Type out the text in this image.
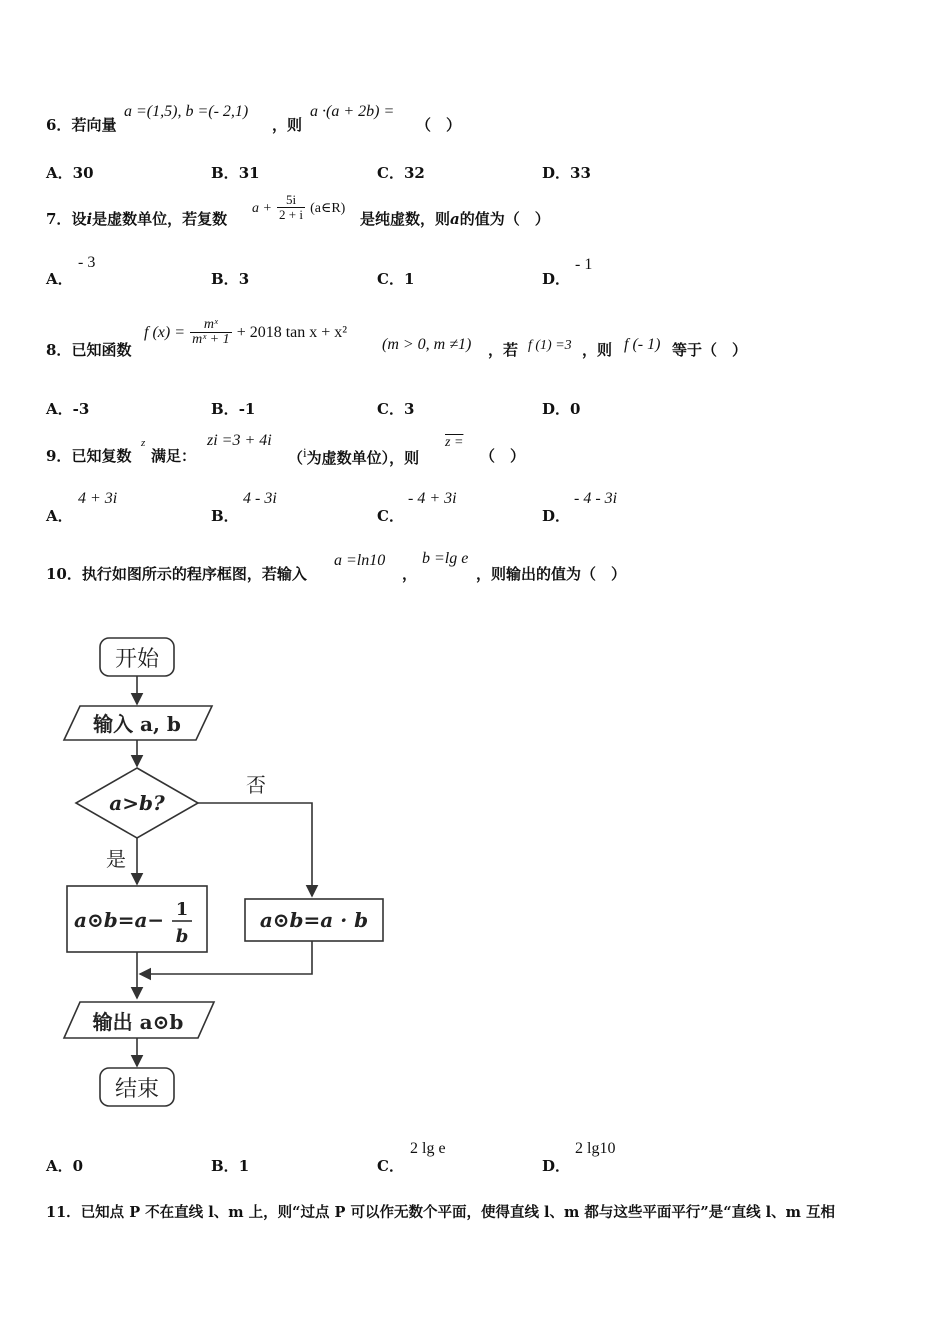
6．若向量
a =(1,5), b =(- 2,1)
，则
a ·(a + 2b) =
（　）
A．30	B．31	C．32	D．33
7．设i是虚数单位，若复数
$a + \frac{5i}{2 + i}$ (a∈R)
是纯虚数，则a的值为（　）
A．
- 3
B．3	C．1	D．
- 1
8．已知函数
f $(x) = \frac{\text{mˣ}}{\text{mˣ + 1}} + 2018$ tan x + x²
(m > 0, m ≠1) ，若 f (1) =3 ，则 f (- 1) 等于（　）
A．-3	B．-1	C．3	D．0
9．已知复数
z
满足：
zi =3 + 4i
（i为虚数单位），则
z =
（　）
A．
4 + 3i
B．
4 - 3i
C．
- 4 + 3i
D．
- 4 - 3i
10．执行如图所示的程序框图，若输入
a =ln10
，
b =lg e
，则输出的值为（　）
开始
输入 a, b
a>b?
否
是
a⊙b=a− 1
b
a⊙b=a · b
输出 a⊙b
结束
A．0	B．1	C．
2 lg e
D．
2 lg10
11．已知点 P 不在直线 l、m 上，则“过点 P 可以作无数个平面，使得直线 l、m 都与这些平面平行”是“直线 l、m 互相
